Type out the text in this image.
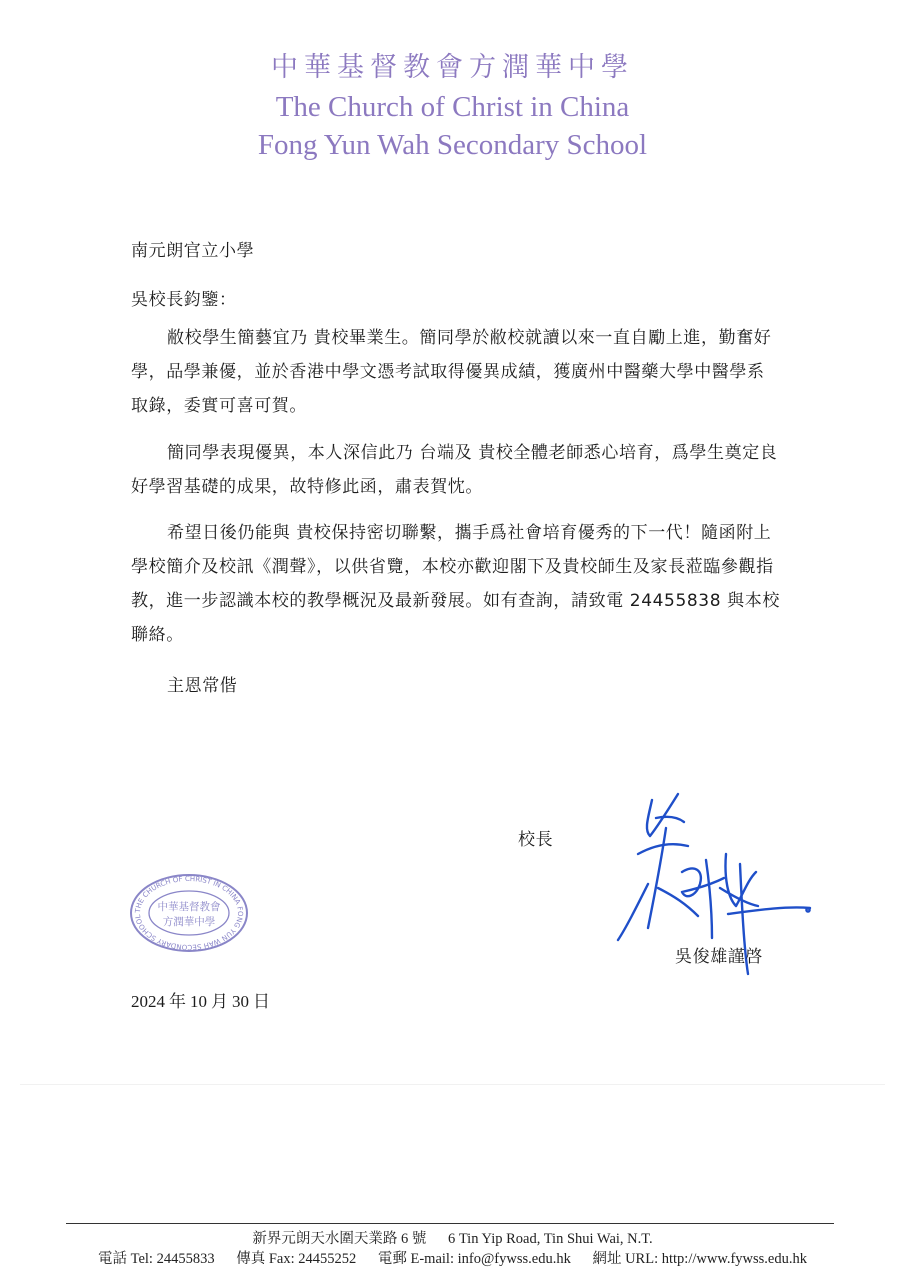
中華基督教會方潤華中學
The Church of Christ in China
Fong Yun Wah Secondary School
南元朗官立小學
吳校長鈞鑒：
敝校學生簡藝宜乃 貴校畢業生。簡同學於敝校就讀以來一直自勵上進，勤奮好學，品學兼優，並於香港中學文憑考試取得優異成績，獲廣州中醫藥大學中醫學系取錄，委實可喜可賀。
簡同學表現優異，本人深信此乃 台端及 貴校全體老師悉心培育，爲學生奠定良好學習基礎的成果，故特修此函，肅表賀忱。
希望日後仍能與 貴校保持密切聯繫，攜手爲社會培育優秀的下一代！隨函附上學校簡介及校訊《潤聲》，以供省覽，本校亦歡迎閣下及貴校師生及家長蒞臨參觀指教，進一步認識本校的教學概況及最新發展。如有查詢，請致電 24455838 與本校聯絡。
主恩常偕
校長
吳俊雄謹啓
THE CHURCH OF CHRIST IN CHINA FONG YUN WAH SECONDARY SCHOOL
中華基督教會
方潤華中學
2024 年 10 月 30 日
新界元朗天水圍天業路 6 號 6 Tin Yip Road, Tin Shui Wai, N.T.
電話 Tel: 24455833 傳真 Fax: 24455252 電郵 E-mail: info@fywss.edu.hk 網址 URL: http://www.fywss.edu.hk
